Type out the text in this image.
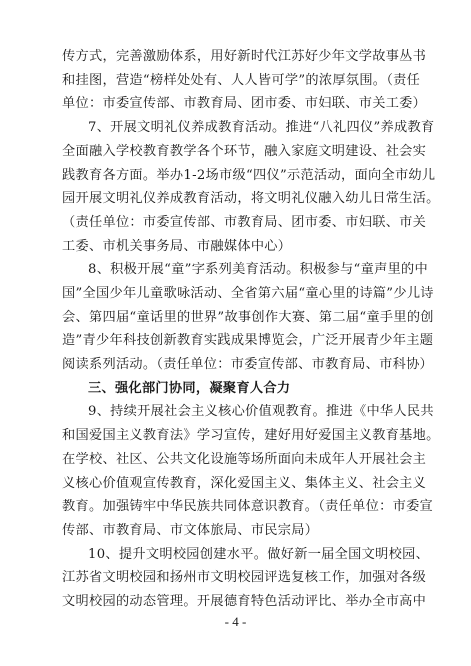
传方式，完善激励体系，用好新时代江苏好少年文学故事丛书
和挂图，营造“榜样处处有、人人皆可学”的浓厚氛围。（责任
单位：市委宣传部、市教育局、团市委、市妇联、市关工委）
7、开展文明礼仪养成教育活动。推进“八礼四仪”养成教育
全面融入学校教育教学各个环节，融入家庭文明建设、社会实
践教育各方面。举办1-2场市级“四仪”示范活动，面向全市幼儿
园开展文明礼仪养成教育活动，将文明礼仪融入幼儿日常生活。
（责任单位：市委宣传部、市教育局、团市委、市妇联、市关
工委、市机关事务局、市融媒体中心）
8、积极开展“童”字系列美育活动。积极参与“童声里的中
国”全国少年儿童歌咏活动、全省第六届“童心里的诗篇”少儿诗
会、第四届“童话里的世界”故事创作大赛、第二届“童手里的创
造”青少年科技创新教育实践成果博览会，广泛开展青少年主题
阅读系列活动。（责任单位：市委宣传部、市教育局、市科协）
三、强化部门协同，凝聚育人合力
9、持续开展社会主义核心价值观教育。推进《中华人民共
和国爱国主义教育法》学习宣传，建好用好爱国主义教育基地。
在学校、社区、公共文化设施等场所面向未成年人开展社会主
义核心价值观宣传教育，深化爱国主义、集体主义、社会主义
教育。加强铸牢中华民族共同体意识教育。（责任单位：市委宣
传部、市教育局、市文体旅局、市民宗局）
10、提升文明校园创建水平。做好新一届全国文明校园、
江苏省文明校园和扬州市文明校园评选复核工作，加强对各级
文明校园的动态管理。开展德育特色活动评比、举办全市高中
- 4 -
